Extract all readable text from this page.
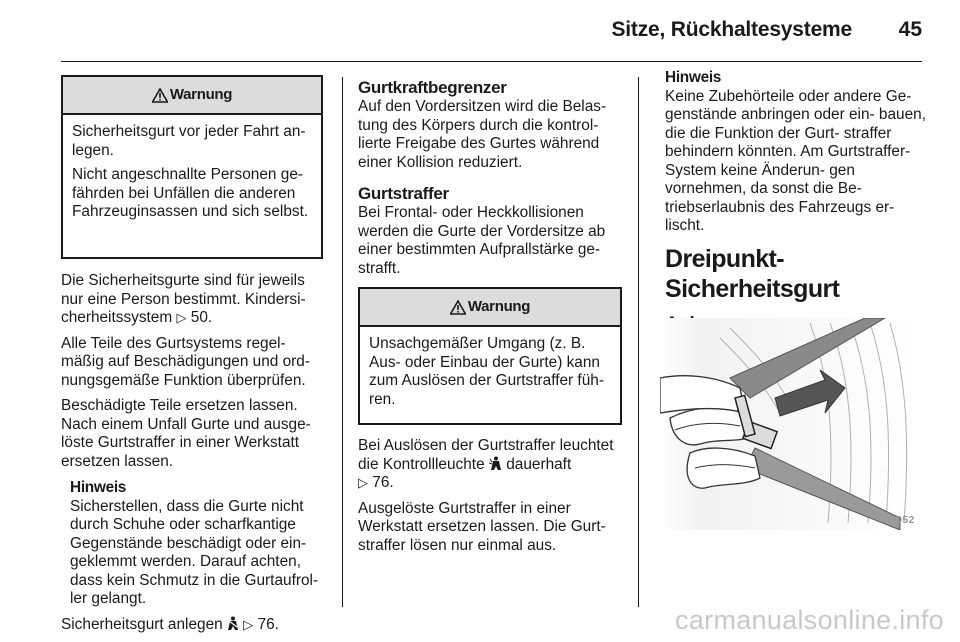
Sitze, Rückhaltesysteme 45
Warnung

Sicherheitsgurt vor jeder Fahrt an- legen.

Nicht angeschnallte Personen ge- fährden bei Unfällen die anderen Fahrzeuginsassen und sich selbst.

Die Sicherheitsgurte sind für jeweils
nur eine Person bestimmt. Kindersi-
cherheitssystem ▷ 50.

Alle Teile des Gurtsystems regel- mäßig auf Beschädigungen und ord- nungsgemäße Funktion überprüfen.

Beschädigte Teile ersetzen lassen. Nach einem Unfall Gurte und ausge- löste Gurtstraffer in einer Werkstatt ersetzen lassen.

Hinweis

Sicherstellen, dass die Gurte nicht durch Schuhe oder scharfkantige Gegenstände beschädigt oder ein- geklemmt werden. Darauf achten, dass kein Schmutz in die Gurtaufrol- ler gelangt.

Sicherheitsgurt anlegen ▷ 76.

Gurtkraftbegrenzer

Auf den Vordersitzen wird die Belas- tung des Körpers durch die kontrol- lierte Freigabe des Gurtes während einer Kollision reduziert.

Gurtstraffer

Bei Frontal- oder Heckkollisionen werden die Gurte der Vordersitze ab einer bestimmten Aufprallstärke ge- strafft.

Warnung

Unsachgemäßer Umgang (z. B. Aus- oder Einbau der Gurte) kann zum Auslösen der Gurtstraffer füh- ren.

Bei Auslösen der Gurtstraffer leuchtet
die Kontrollleuchte dauerhaft
▷ 76.

Ausgelöste Gurtstraffer in einer Werkstatt ersetzen lassen. Die Gurt- straffer lösen nur einmal aus.

Hinweis

Keine Zubehörteile oder andere Ge- genstände anbringen oder ein- bauen, die die Funktion der Gurt- straffer behindern könnten. Am Gurtstraffer-System keine Änderun- gen vornehmen, da sonst die Be- triebserlaubnis des Fahrzeugs er- lischt.

Dreipunkt-Sicherheitsgurt
30052
carmanualsonline.info
